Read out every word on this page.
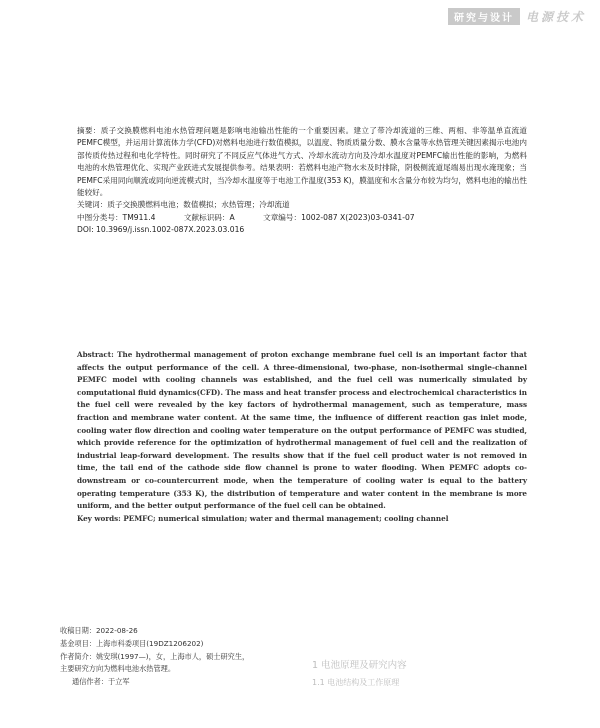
研究与设计	电源技术
摘要：质子交换膜燃料电池水热管理问题是影响电池输出性能的一个重要因素。建立了带冷却流道的三维、两相、非等温单直流道PEMFC模型，并运用计算流体力学(CFD)对燃料电池进行数值模拟，以温度、物质质量分数、膜水含量等水热管理关键因素揭示电池内部传质传热过程和电化学特性。同时研究了不同反应气体进气方式、冷却水流动方向及冷却水温度对PEMFC输出性能的影响，为燃料电池的水热管理优化、实现产业跃进式发展提供参考。结果表明：若燃料电池产物水未及时排除，阴极侧流道尾端易出现水淹现象；当PEMFC采用同向顺流或同向逆流模式时，当冷却水温度等于电池工作温度(353 K)，膜温度和水含量分布较为均匀，燃料电池的输出性能较好。
关键词：质子交换膜燃料电池；数值模拟；水热管理；冷却流道
中图分类号：TM911.4	文献标识码：A	文章编号：1002-087 X(2023)03-0341-07
DOI: 10.3969/j.issn.1002-087X.2023.03.016

Abstract: The hydrothermal management of proton exchange membrane fuel cell is an important factor that affects the output performance of the cell. A three-dimensional, two-phase, non-isothermal single-channel PEMFC model with cooling channels was established, and the fuel cell was numerically simulated by computational fluid dynamics(CFD). The mass and heat transfer process and electrochemical characteristics in the fuel cell were revealed by the key factors of hydrothermal management, such as temperature, mass fraction and membrane water content. At the same time, the influence of different reaction gas inlet mode, cooling water flow direction and cooling water temperature on the output performance of PEMFC was studied, which provide reference for the optimization of hydrothermal management of fuel cell and the realization of industrial leap-forward development. The results show that if the fuel cell product water is not removed in time, the tail end of the cathode side flow channel is prone to water flooding. When PEMFC adopts co-downstream or co-countercurrent mode, when the temperature of cooling water is equal to the battery operating temperature (353 K), the distribution of temperature and water content in the membrane is more uniform, and the better output performance of the fuel cell can be obtained.

Key words: PEMFC; numerical simulation; water and thermal management; cooling channel

收稿日期：2022-08-26
基金项目：上海市科委项目(19DZ1206202)
作者简介：姚安琪(1997—)，女，上海市人，硕士研究生，
主要研究方向为燃料电池水热管理。
通信作者：于立军
1 电池原理及研究内容
1.1 电池结构及工作原理
